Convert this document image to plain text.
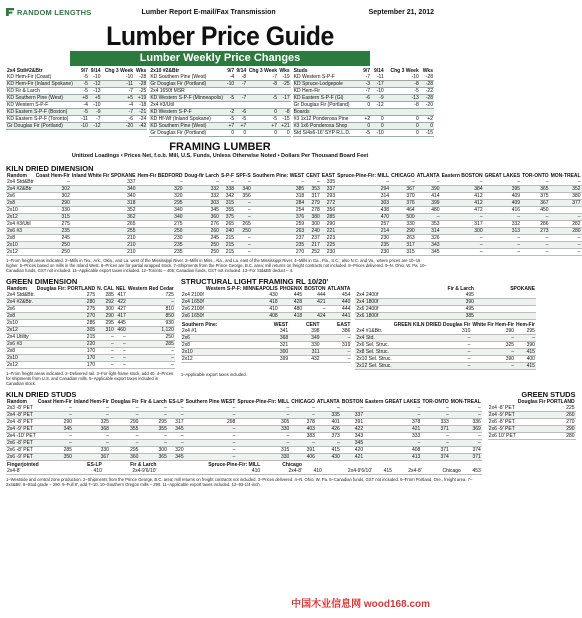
RANDOM LENGTHS	Lumber Report E-mail/Fax Transmission	September 21, 2012
Lumber Price Guide
Lumber Weekly Price Changes
2x4 Std/#2&Btr	9/7	9/14	Chg 3 Week	Wks
KD Hem-Fir (Coast)	-5	-10	-10	-28
KD Hem-Fir (Inland Spokane)	-5	-12	-11	-28
KD Fir & Larch	-5	-13	-7	-25
KD Southern Pine (West)	+8	+5	+5	+19
KD Western S-P-F	-4	-10	-4	-18
KD Eastern S-P-F (Boston)	-5	-9	-7	-21
KD Eastern S-P-F (Toronto)	-11	-7	-6	-24
Gr Douglas Fir (Portland)	-10	-12	-20	-42
2x10 #2&Btr	9/7	9/14	Chg 3 Week	Wks
KD Southern Pine (West)	-4	-8	-7	-19
Gr Douglas Fir (Portland)	-10	-7	-8	-25
2x4 1650f MSR				
KD Western S-P-F (Minneapolis)	-5	-7	-5	-17
2x4 #3/Util				
KD Western S-P-F	-2	-6	0	-8
KD Hf-Wf (Inland Spokane)	-5	-5	-5	-15
KD Southern Pine (West)	+7	+7	+7	+21
Gr Douglas Fir (Portland)	0	0	0	0
Studs	9/7	9/14	Chg 3 Week	Wks
KD Western S-P-F	-7	-11	-10	-28
KD Spruce-Lodgepole	-3	-17	-8	-28
KD Hem-Fir	-7	-10	-5	-22
KD Eastern S-P-F (Gl)	-6	-9	-13	-28
Gr Douglas Fir (Portland)	0	-12	-8	-20
Boards				
#3 1x12 Ponderosa Pine	+2	0	0	+2
#3 1x6 Ponderosa Shop	0	0	0	0
Std S/4s6-16' SYP R.L.D.	-5	-10	0	-15
FRAMING LUMBER
Unitized Loadings • Prices Net, f.o.b. Mill, U.S. Funds, Unless Otherwise Noted • Dollars Per Thousand Board Feet
KILN DRIED DIMENSION
Random	Coast Hem-Fir	Inland White Fir SPOKANE	Hem-Fir BEDFORD	Doug-fir Larch	S-P-F	SPF-S	Southern Pine: WEST	CENT	EAST	Spruce-Pine-Fir: MILL	CHICAGO	ATLANTA	Eastern BOSTON	GREAT LAKES	TOR-ONTO	MON-TREAL
2x4 Std&Btr	–	337	–	–	–	–	–	–	335	–	–	–	–	–	–	–
2x4 #2&Btr	302	340	320	332	338	340	385	353	337	294	367	390	384	395	365	352
2x6	302	340	320	332	342	356	318	317	293	314	370	414	412	409	375	380
2x8	290	318	295	303	315	–	284	279	272	303	376	399	412	409	367	377
2x10	330	352	340	345	355	–	254	278	356	438	464	480	472	416	450	
2x12	315	362	340	360	375	–	376	380	285	470	500	–	–	–	–	–
2x4 #3/Util	275	265	275	276	265	265	259	300	290	257	330	353	317	332	286	282
2x6 #3	235	255	250	260	240	250	263	240	221	214	290	314	300	313	273	280
2x8	245	210	230	245	215	–	237	237	223	230	263	326	–	–	–	–
2x10	250	210	235	250	215	–	235	217	225	235	317	343	–	–	–	–
2x12	250	210	235	250	215	–	270	252	230	230	315	345	–	–	–	–
1–From freight areas indicated. 2–Mills in Tex., Ark., Okla., and La. west of the Mississippi River. 3–Mills in Miss., Ala., and La. east of the Mississippi River. 4–Mills in Ga., Fla., S.C.; also N.C. and Va., where prices are 10–15 higher. 5–Prices based on mills in the Inland West. 6–Prices are for partial wrapped stock. 7–Shipments from the Prince George, B.C. area; mill returns on freight contracts not included. 8–Prices delivered. 9–N. Ohio, W. Pa. 10–Canadian funds, GST not included. 11–Applicable export taxes included. 12–Toronto – 405; Canadian funds, GST not included. 13–For Std&Btr deduct – 4.
GREEN DIMENSION
Random	Douglas Fir: PORTLAND	N. CAL	NEL	Western Red Cedar
2x4 Std&Btr.	275	285	417	725
2x4 #2&Btr.	280	292	422	–
2x6	275	300	427	810
2x8	270	290	417	850
2x10	285	295	445	930
2x12	305	310	460	1,120
2x4 Utility	215	–	–	250
2x6 #3	220	–	–	285
2x8	170	–	–	–
2x10	170	–	–	–
2x12	170	–	–	–
1–From freight areas indicated. 2–Delivered rail. 3–For light-frame stock, add 40. 4–Prices for shipments from U.S. and Canadian mills. 5–Applicable export taxes included in Canadian stock.
STRUCTURAL LIGHT FRAMING RL 10/20'
	Western S-P-F: MINNEAPOLIS	PHOENIX	BOSTON	ATLANTA
2x4 2100f	430	445	444	454
2x4 1650f	418	428	421	440
2x6 2100f	410	480	–	444
2x6 1650f	408	418	424	441
Southern Pine:	WEST	CENT	EAST
2x4 #1	341	398	386
2x6	368	349	–
2x8	321	330	319
2x10	300	311	–
2x12	399	432	–
	Fir & Larch	SPOKANE
2x4 2400f	495	
2x4 1800f	390	
2x6 2400f	495	
2x6 1800f	385	
	GREEN KILN DRIED Douglas Fir	White Fir Hem-Fir	Hem-Fir
2x4 #1&Btr.	310	390	295
2x4 Std.	–	–	–
2x6 Sel. Struc.	–	325	390
2x8 Sel. Struc.	–	–	415
2x10 Sel. Struc.	–	390	400
2x12 Sel. Struc.	–	–	415
1–Applicable export taxes included.
KILN DRIED STUDS
Random	Coast Hem-Fir	Inland Hem-Fir	Douglas Fir	Fir & Larch	ES-LP	Southern Pine WEST	Spruce-Pine-Fir: MILL	CHICAGO	ATLANTA	BOSTON	Eastern GREAT LAKES	TOR-ONTO	MON-TREAL
2x3 -8' PET	–	–	–	–	–	–	–	–	–	–	–	–	–
2x4 -8' PET	–	–	–	–	–	–	–	–	335	337	–	–	–
2x4 -8' PET	290	325	290	295	317	298	305	378	401	391	378	333	336
2x4 -9' PET	345	368	355	355	345	–	330	403	426	422	421	371	369
2x4 -10' PET	–	–	–	–	–	–	–	383	373	343	333	–	–
2x6 -8' PET	–	–	–	–	–	–	–	–	–	345	–	–	–
2x6 -8' PET	285	330	295	300	320	–	315	391	415	420	408	371	374
2x6 -9' PET	350	367	360	365	345	–	330	406	430	421	413	374	371
Fingerjointed	ES-LP	Fir & Larch	Spruce-Pine-Fir: MILL	Chicago						
2x4-8'	410	2x4-9'6/10'	410	2x4-8'	410	2x4-9'6/10'	415	2x4-8'	Chicago	453
1–Westside and central zone production. 2–Shipments from the Prince George, B.C. area; mill returns on freight contracts not included. 3–Prices delivered. 4–N. Ohio, W. Pa. 5–Canadian funds, GST not included. 6–From Portland, Ore., freight area. 7–2x4&Btr. 8–Stud grade – 290. 9–Full 8', add 7–10. 10–Southern Oregon mills – 290. 11–Applicable export taxes included. 12–93-1/4-inch.
GREEN STUDS
	Douglas Fir PORTLAND
2x4 -8' PET	225
2x4 -9' PET	260
2x6 -8' PET	270
2x6 -9' PET	290
2x6 10' PET	280
中国木业信息网 wood168.com
